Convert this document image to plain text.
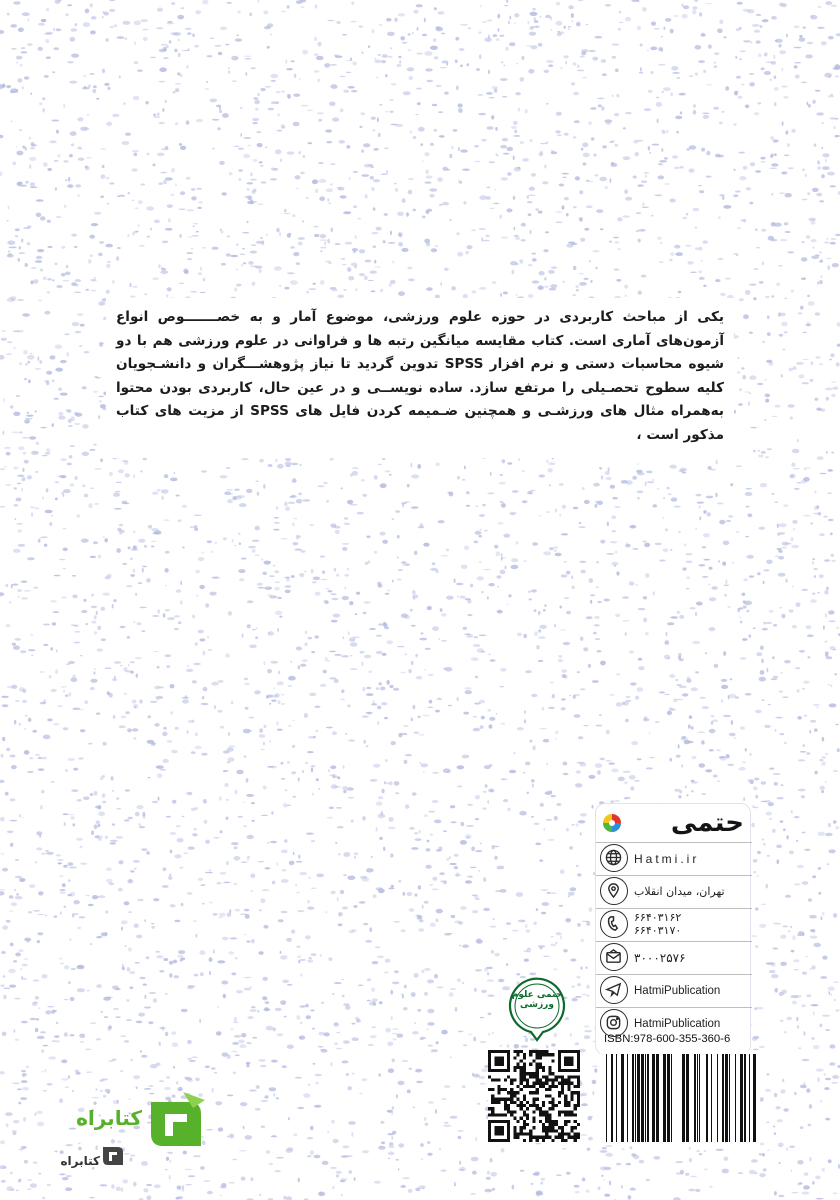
یکی از مباحث کاربردی در حوزه علوم ورزشی، موضوع آمار و به خصـــــــوص انواع آزمون‌های آماری است. کتاب مقایسه میانگین رتبه ها و فراوانی در علوم ورزشی هم با دو شیوه محاسبات دستی و نرم افزار SPSS تدوین گردید تا نیاز پژوهشـــگران و دانشـجویان کلیه سطوح تحصـیلی را مرتفع سازد. ساده نویســی و در عین حال، کاربردی بودن محتوا به‌همراه مثال های ورزشـی و همچنین ضـمیمه کردن فایل های SPSS از مزیت های کتاب مذکور است ،

حتمی
Hatmi.ir
تهران، میدان انقلاب
۶۶۴۰۳۱۶۲
۶۶۴۰۳۱۷۰
۳۰۰۰۲۵۷۶
HatmiPublication
HatmiPublication
ISBN:978-600-355-360-6
حتمی علوم ورزشی
کتابراه
کتابراه
